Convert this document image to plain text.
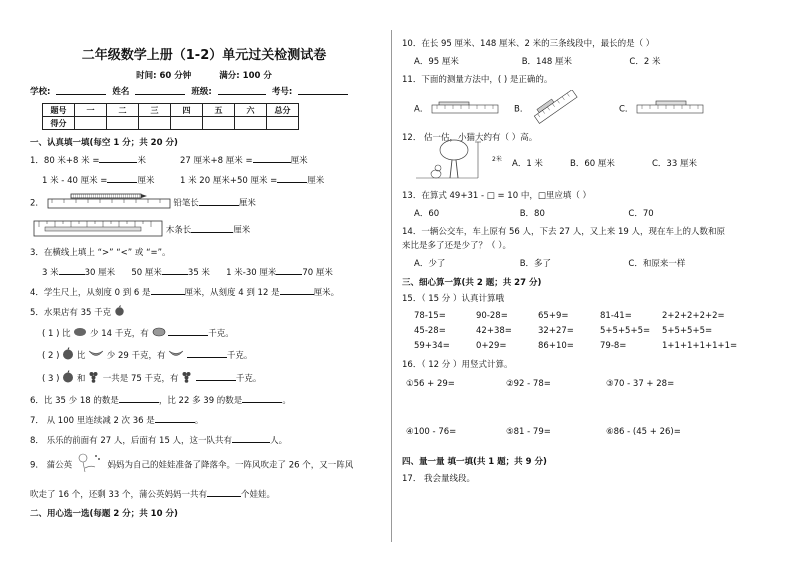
二年级数学上册（1-2）单元过关检测试卷
时间: 60 分钟	满分: 100 分
学校:	姓名	班级:	考号:
题号	一	二	三	四	五	六	总分
得分							
一、认真填一填(每空 1 分；共 20 分)
1．80 米+8 米 =	米	27 厘米+8 厘米 =	厘米
1 米 - 40 厘米 =	厘米	1 米 20 厘米+50 厘米 =	厘米
2．	铅笔长	厘米
木条长	厘米
3．在横线上填上 “>” “<” 或 “=”。
3 米	30 厘米 50 厘米	35 米 1 米-30 厘米	70 厘米
4．学生尺上，从刻度 0 到 6 是	厘米，从刻度 4 到 12 是	厘米。
5．水果店有 35 千克
( 1 ) 比 少 14 千克，有	千克。
( 2 ) 比	少 29 千克，有	千克。
( 3 ) 和 一共是 75 千克，有	千克。
6．比 35 少 18 的数是	，比 22 多 39 的数是	。
7． 从 100 里连续减 2 次 36 是	。
8． 乐乐的前面有 27 人，后面有 15 人，这一队共有	人。
9． 蒲公英	妈妈为自己的娃娃准备了降落伞。一阵风吹走了 26 个，又一阵风
吹走了 16 个，还剩 33 个，蒲公英妈妈一共有	个娃娃。
二、用心选一选(每题 2 分；共 10 分)
10．在长 95 厘米、148 厘米、2 米的三条线段中，最长的是（ ）
A．95 厘米	B．148 厘米	C．2 米
11．下面的测量方法中，( ) 是正确的。
A．	B．	C．
12． 估一估，小猫大约有（ ）高。
2米	A．1 米	B．60 厘米	C．33 厘米
13．在算式 49+31 - □ = 10 中，□里应填（ ）
A．60	B．80	C．70
14．一辆公交车，车上原有 56 人，下去 27 人，又上来 19 人，现在车上的人数和原
来比是多了还是少了？（ ）。
A．少了	B．多了	C．和原来一样
三、细心算一算(共 2 题；共 27 分)
15．（ 15 分 ）认真计算哦
78-15=	90-28=	65+9=	81-41=	2+2+2+2+2=
45-28=	42+38=	32+27=	5+5+5+5=	5+5+5+5=
59+34=	0+29=	86+10=	79-8=	1+1+1+1+1+1=
16．（ 12 分 ）用竖式计算。
①56 + 29=	②92 - 78=	③70 - 37 + 28=
④100 - 76=	⑤81 - 79=	⑥86 - (45 + 26)=
四、量一量 填一填(共 1 题；共 9 分)
17． 我会量线段。
